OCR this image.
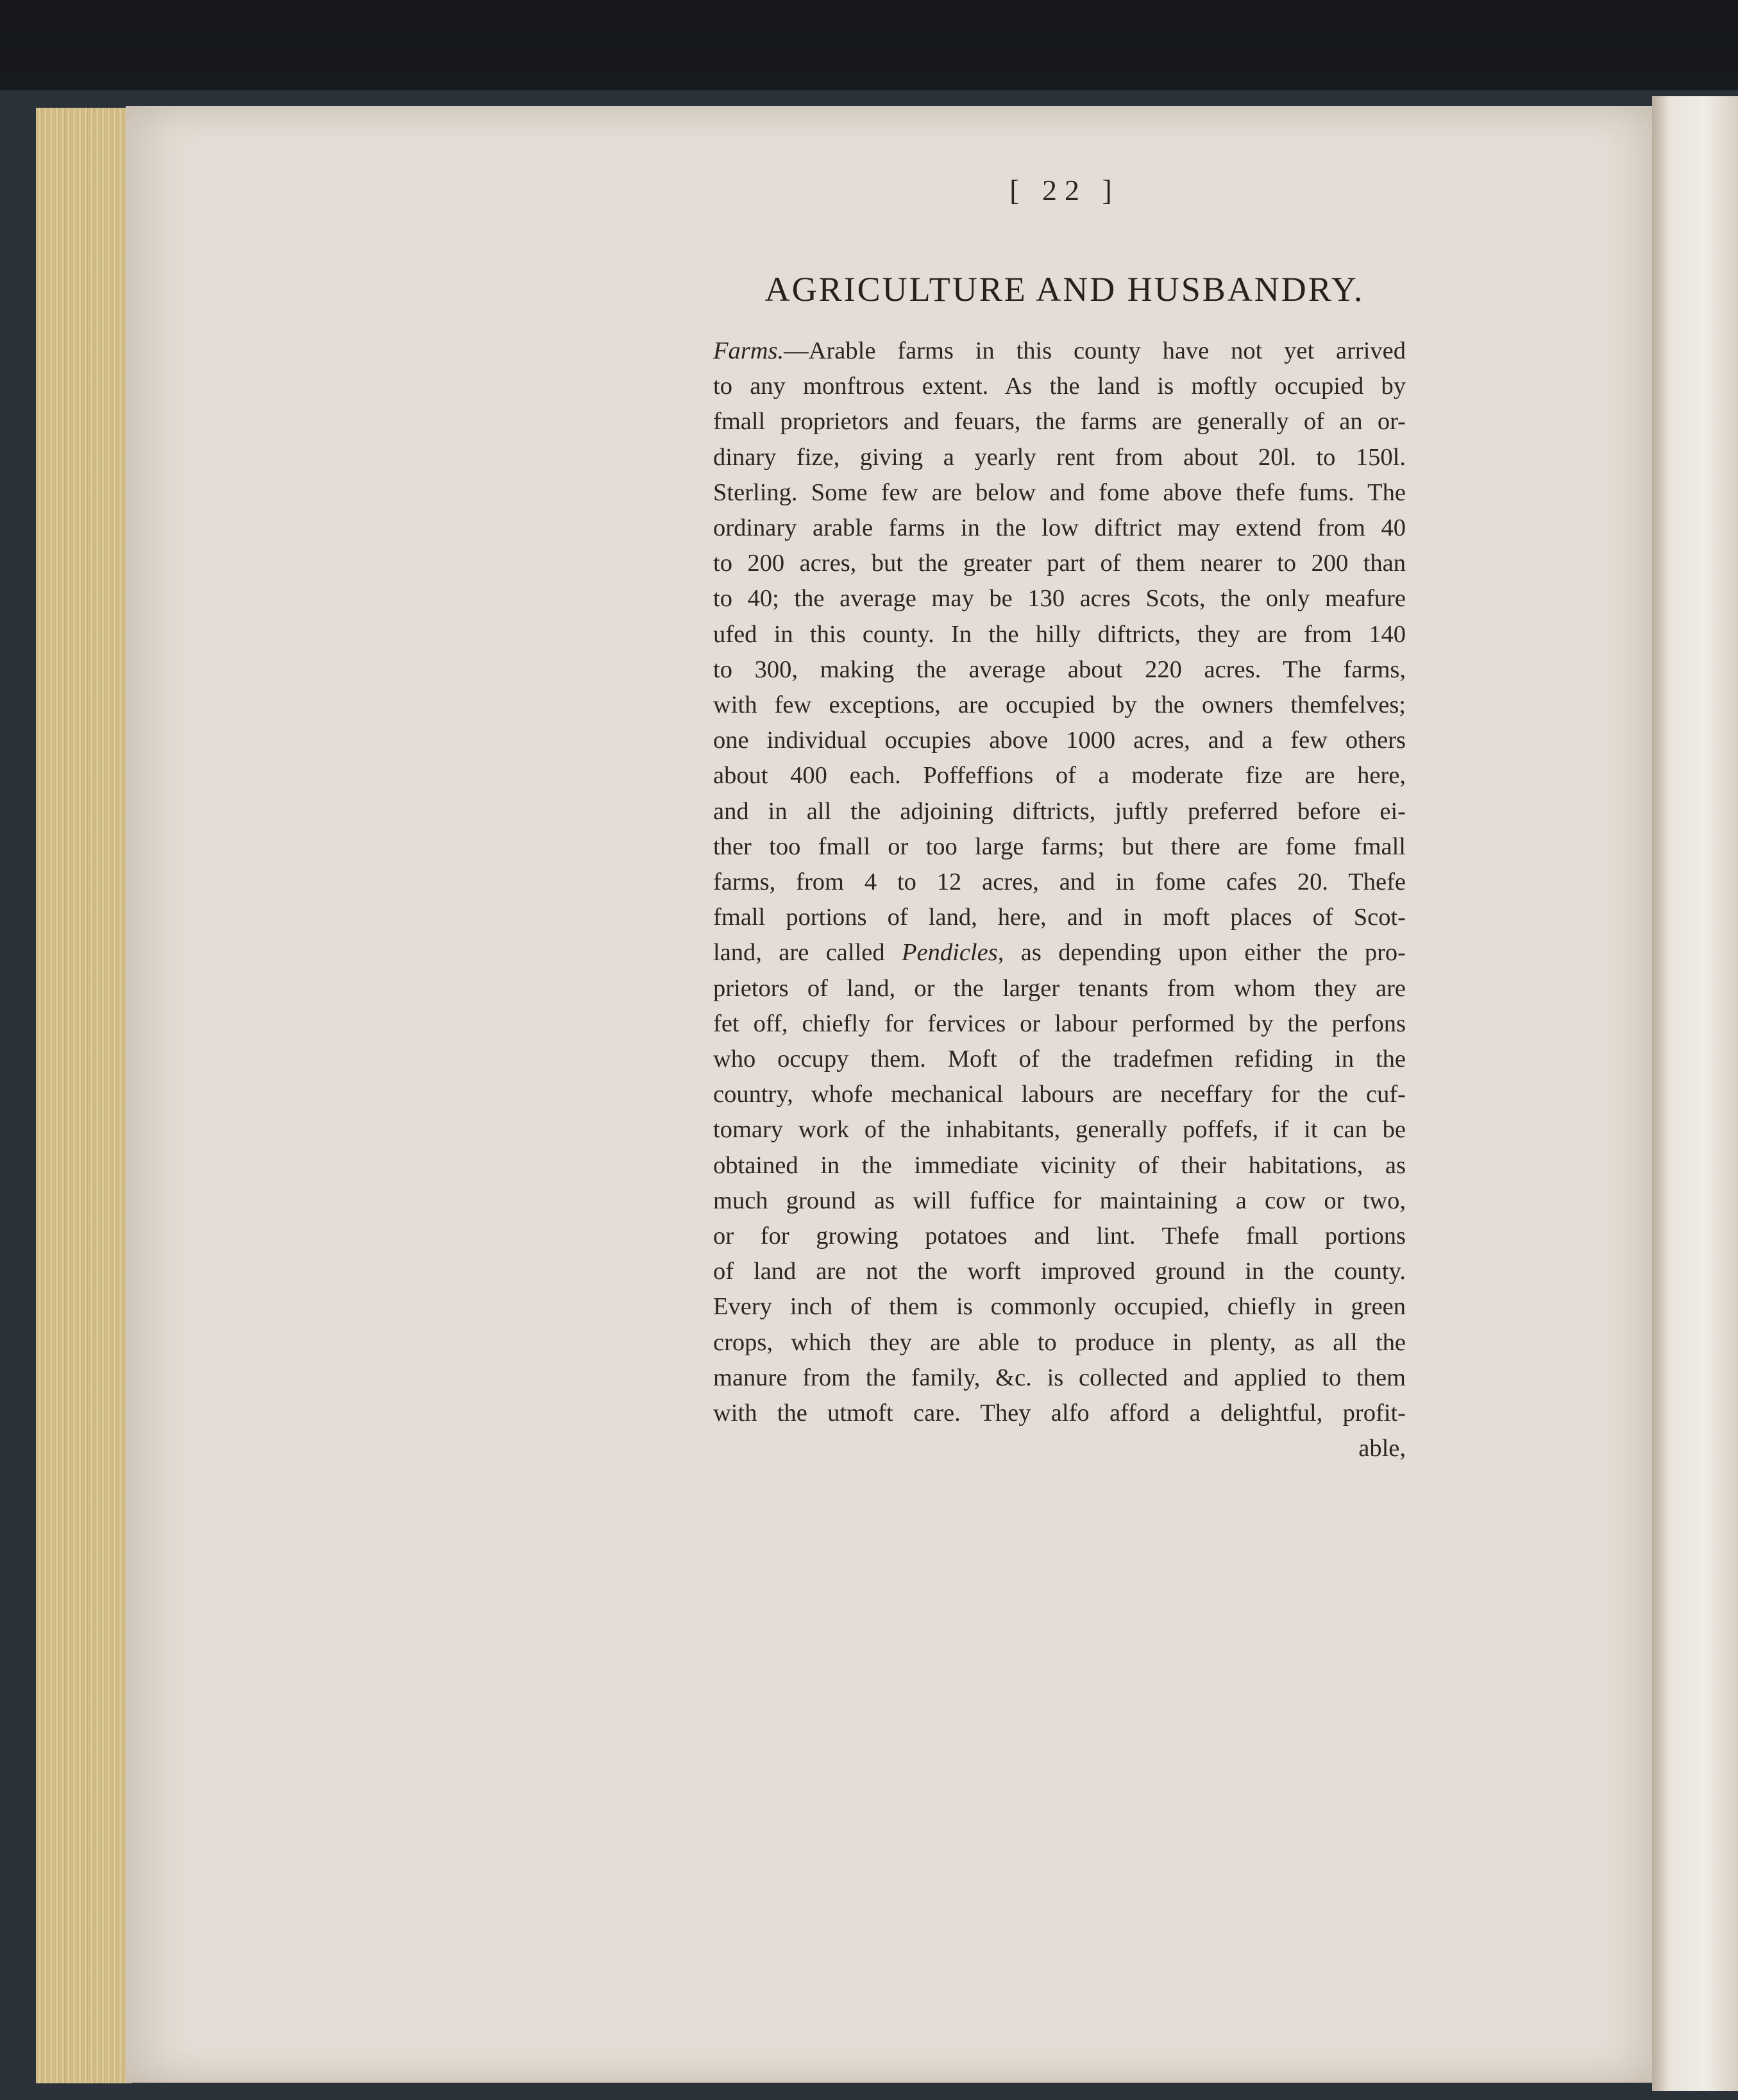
[ 22 ]
AGRICULTURE AND HUSBANDRY.
Farms.—Arable farms in this county have not yet arrived
to any monftrous extent. As the land is moftly occupied by
fmall proprietors and feuars, the farms are generally of an or-
dinary fize, giving a yearly rent from about 20l. to 150l.
Sterling. Some few are below and fome above thefe fums. The
ordinary arable farms in the low diftrict may extend from 40
to 200 acres, but the greater part of them nearer to 200 than
to 40; the average may be 130 acres Scots, the only meafure
ufed in this county. In the hilly diftricts, they are from 140
to 300, making the average about 220 acres. The farms,
with few exceptions, are occupied by the owners themfelves;
one individual occupies above 1000 acres, and a few others
about 400 each. Poffeffions of a moderate fize are here,
and in all the adjoining diftricts, juftly preferred before ei-
ther too fmall or too large farms; but there are fome fmall
farms, from 4 to 12 acres, and in fome cafes 20. Thefe
fmall portions of land, here, and in moft places of Scot-
land, are called Pendicles, as depending upon either the pro-
prietors of land, or the larger tenants from whom they are
fet off, chiefly for fervices or labour performed by the perfons
who occupy them. Moft of the tradefmen refiding in the
country, whofe mechanical labours are neceffary for the cuf-
tomary work of the inhabitants, generally poffefs, if it can be
obtained in the immediate vicinity of their habitations, as
much ground as will fuffice for maintaining a cow or two,
or for growing potatoes and lint. Thefe fmall portions
of land are not the worft improved ground in the county.
Every inch of them is commonly occupied, chiefly in green
crops, which they are able to produce in plenty, as all the
manure from the family, &c. is collected and applied to them
with the utmoft care. They alfo afford a delightful, profit-
able,
